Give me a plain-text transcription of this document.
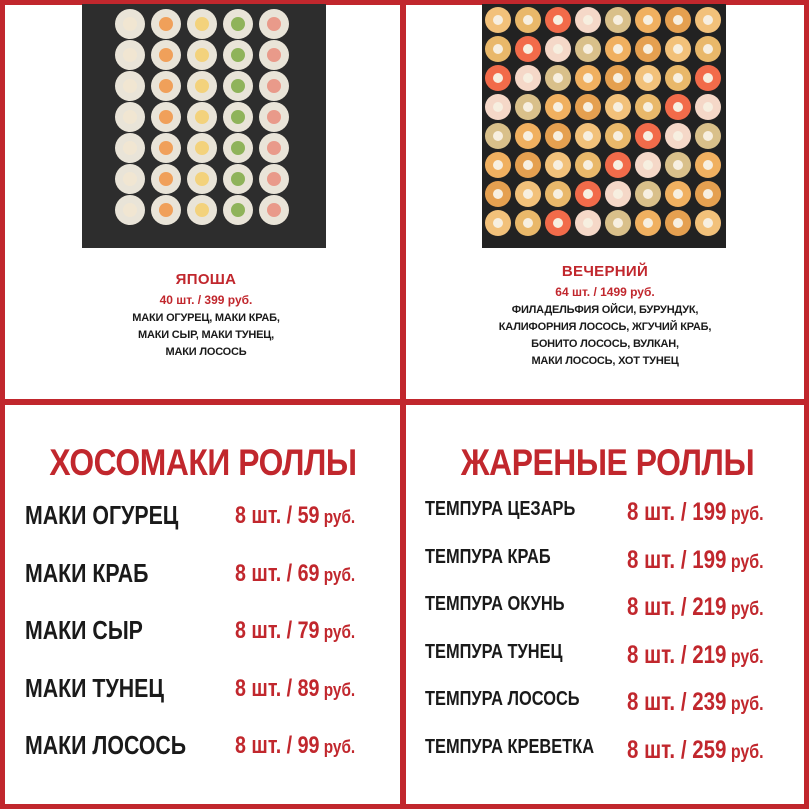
ЯПОША
40 шт. / 399 руб.
МАКИ ОГУРЕЦ, МАКИ КРАБ,
МАКИ СЫР, МАКИ ТУНЕЦ,
МАКИ ЛОСОСЬ
ВЕЧЕРНИЙ
64 шт. / 1499 руб.
ФИЛАДЕЛЬФИЯ ОЙСИ, БУРУНДУК,
КАЛИФОРНИЯ ЛОСОСЬ, ЖГУЧИЙ КРАБ,
БОНИТО ЛОСОСЬ, ВУЛКАН,
МАКИ ЛОСОСЬ, ХОТ ТУНЕЦ
ХОСОМАКИ РОЛЛЫ	ЖАРЕНЫЕ РОЛЛЫ
МАКИ ОГУРЕЦ 8 шт. / 59 руб.
МАКИ КРАБ	8 шт. / 69 руб.
МАКИ СЫР	8 шт. / 79 руб.
МАКИ ТУНЕЦ	8 шт. / 89 руб.
МАКИ ЛОСОСЬ 8 шт. / 99 руб.
ТЕМПУРА ЦЕЗАРЬ 8 шт. / 199 руб.
ТЕМПУРА КРАБ	8 шт. / 199 руб.
ТЕМПУРА ОКУНЬ 8 шт. / 219 руб.
ТЕМПУРА ТУНЕЦ	8 шт. / 219 руб.
ТЕМПУРА ЛОСОСЬ 8 шт. / 239 руб.
ТЕМПУРА КРЕВЕТКА 8 шт. / 259 руб.
